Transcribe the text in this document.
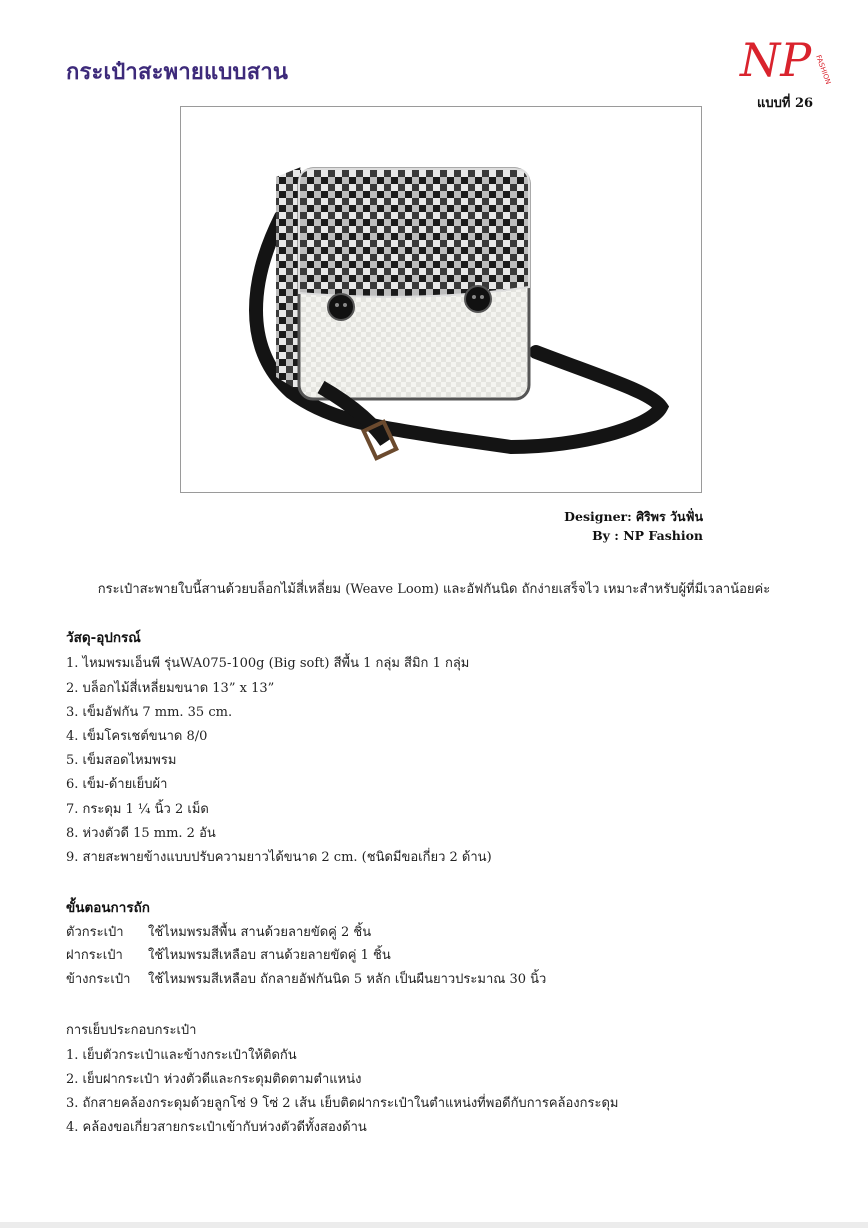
กระเป๋าสะพายแบบสาน	NP FASHION
แบบที่ 26
Designer: ศิริพร วันฟั่น
By : NP Fashion
กระเป๋าสะพายใบนี้สานด้วยบล็อกไม้สี่เหลี่ยม (Weave Loom) และอัฟกันนิด ถักง่ายเสร็จไว เหมาะสำหรับผู้ที่มีเวลาน้อยค่ะ
วัสดุ-อุปกรณ์
1. ไหมพรมเอ็นพี รุ่นWA075-100g (Big soft) สีพื้น 1 กลุ่ม สีมิก 1 กลุ่ม
2. บล็อกไม้สี่เหลี่ยมขนาด 13” x 13”
3. เข็มอัฟกัน 7 mm. 35 cm.
4. เข็มโครเชต์ขนาด 8/0
5. เข็มสอดไหมพรม
6. เข็ม-ด้ายเย็บผ้า
7. กระดุม 1 ¼ นิ้ว 2 เม็ด
8. ห่วงตัวดี 15 mm. 2 อัน
9. สายสะพายข้างแบบปรับความยาวได้ขนาด 2 cm. (ชนิดมีขอเกี่ยว 2 ด้าน)
ขั้นตอนการถัก
ตัวกระเป๋า ใช้ไหมพรมสีพื้น สานด้วยลายขัดคู่ 2 ชิ้น
ฝากระเป๋า ใช้ไหมพรมสีเหลือบ สานด้วยลายขัดคู่ 1 ชิ้น
ข้างกระเป๋า ใช้ไหมพรมสีเหลือบ ถักลายอัฟกันนิด 5 หลัก เป็นผืนยาวประมาณ 30 นิ้ว
การเย็บประกอบกระเป๋า
1. เย็บตัวกระเป๋าและข้างกระเป๋าให้ติดกัน
2. เย็บฝากระเป๋า ห่วงตัวดีและกระดุมติดตามตำแหน่ง
3. ถักสายคล้องกระดุมด้วยลูกโซ่ 9 โซ่ 2 เส้น เย็บติดฝากระเป๋าในตำแหน่งที่พอดีกับการคล้องกระดุม
4. คล้องขอเกี่ยวสายกระเป๋าเข้ากับห่วงตัวดีทั้งสองด้าน
